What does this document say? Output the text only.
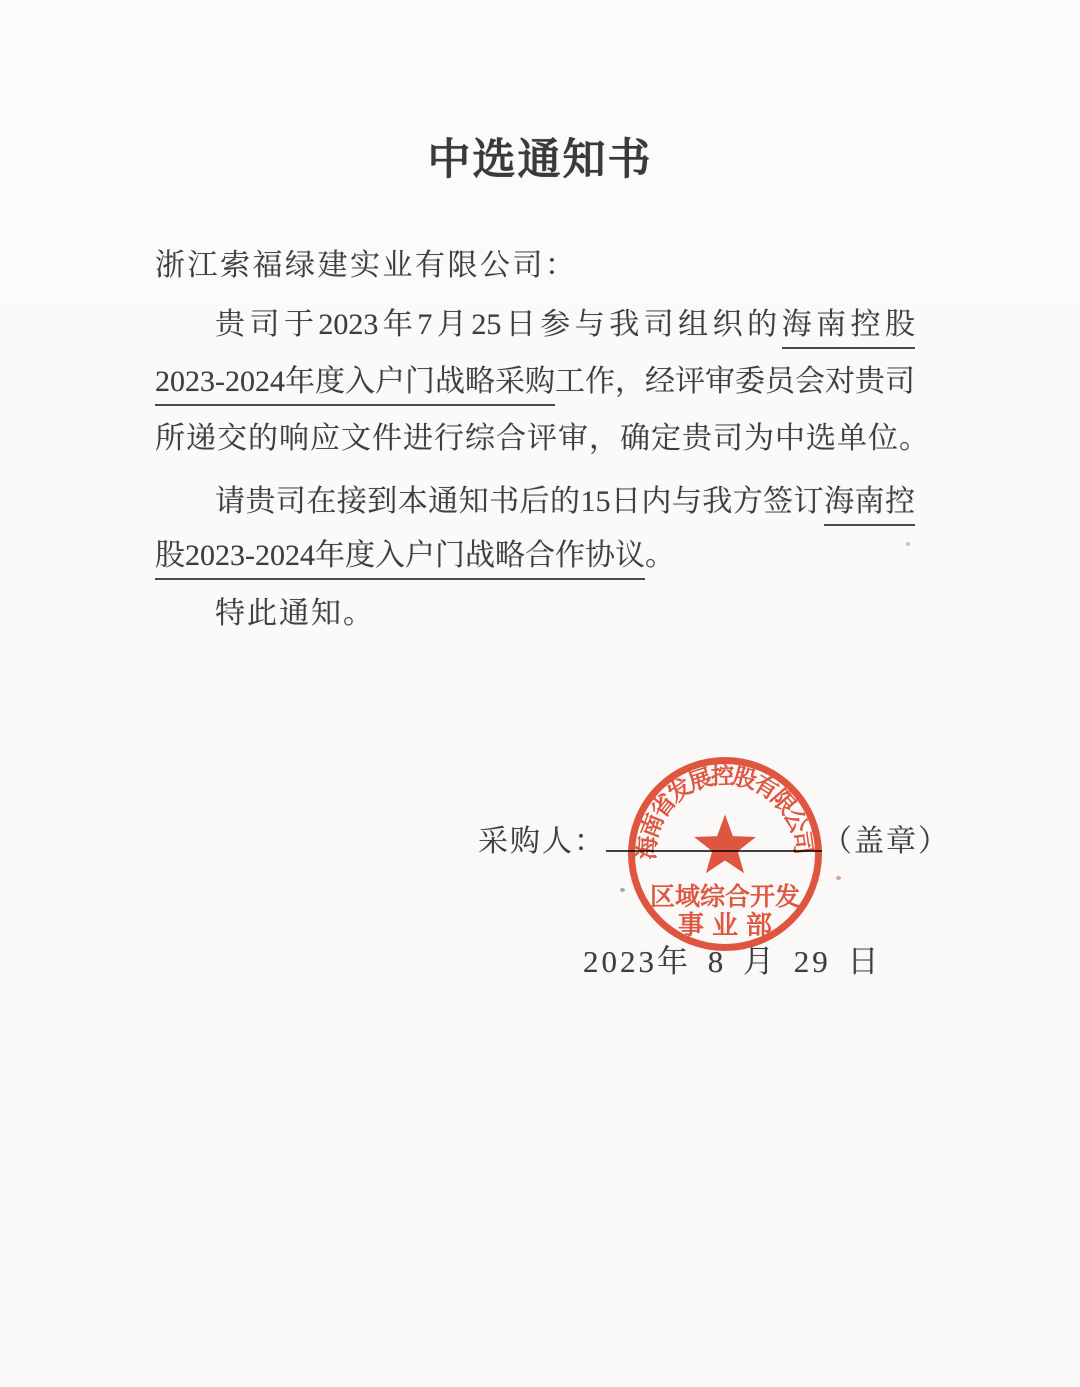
中选通知书
浙江索福绿建实业有限公司：
贵司于2023年7月25日参与我司组织的海南控股
2023-2024年度入户门战略采购工作，经评审委员会对贵司
所递交的响应文件进行综合评审，确定贵司为中选单位。
请贵司在接到本通知书后的15日内与我方签订海南控
股2023-2024年度入户门战略合作协议。
特此通知。
采购人：	（盖章）
2023年 8 月 29 日
海南省发展控股有限公司
区域综合开发
事业部
